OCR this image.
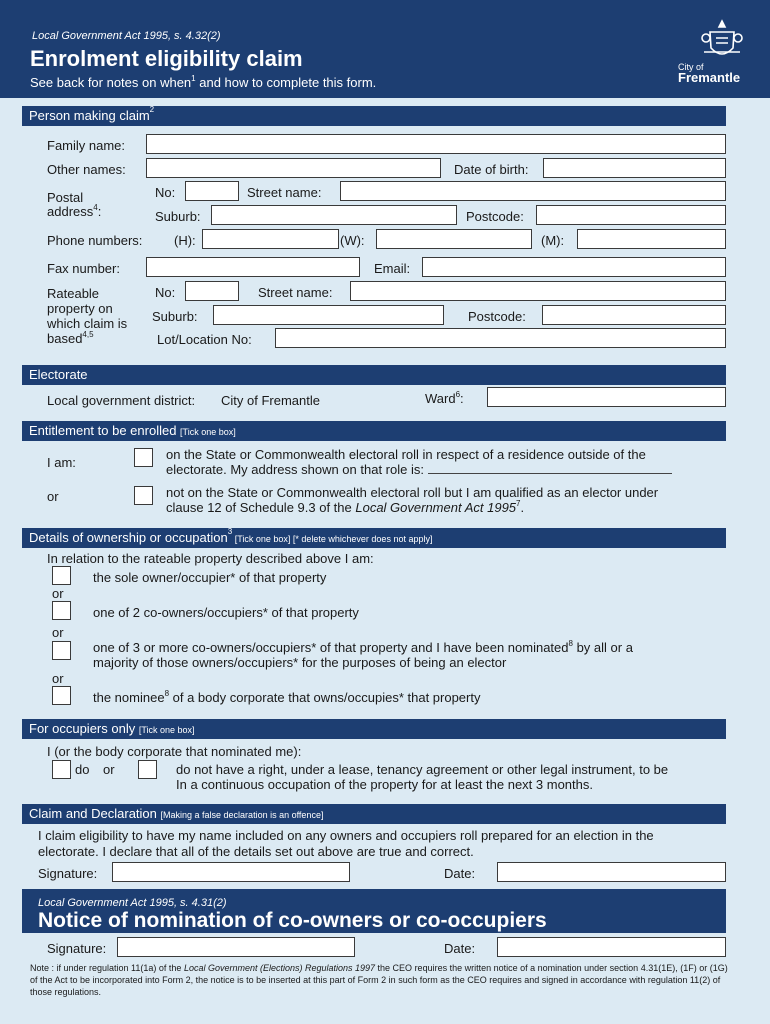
Local Government Act 1995, s. 4.32(2)
Enrolment eligibility claim
See back for notes on when$^1$ and how to complete this form.
City of
Fremantle
Person making claim$^2$
Family name:
Other names:	Date of birth:
Postal
address$^4$:
No:	Street name:
Suburb:	Postcode:
Phone numbers: (H):	(W):	(M):
Fax number:	Email:
Rateable
property on
which claim is
based$^{4,5}$
No:	Street name:
Suburb:	Postcode:
Lot/Location No:
Electorate
Local government district: City of Fremantle	Ward$^6$:
Entitlement to be enrolled [Tick one box]
I am:
on the State or Commonwealth electoral roll in respect of a residence outside of the
electorate. My address shown on that role is:
or	not on the State or Commonwealth electoral roll but I am qualified as an elector under
clause 12 of Schedule 9.3 of the Local Government Act 1995$^7$.
Details of ownership or occupation$^3$ [Tick one box] [* delete whichever does not apply]
In relation to the rateable property described above I am:
the sole owner/occupier* of that property
or
one of 2 co-owners/occupiers* of that property
or
one of 3 or more co-owners/occupiers* of that property and I have been nominated$^8$ by all or a
majority of those owners/occupiers* for the purposes of being an elector
or
the nominee$^8$ of a body corporate that owns/occupies* that property
For occupiers only [Tick one box]
I (or the body corporate that nominated me):
do or	do not have a right, under a lease, tenancy agreement or other legal instrument, to be
In a continuous occupation of the property for at least the next 3 months.
Claim and Declaration [Making a false declaration is an offence]
I claim eligibility to have my name included on any owners and occupiers roll prepared for an election in the
electorate. I declare that all of the details set out above are true and correct.
Signature:	Date:
Local Government Act 1995, s. 4.31(2)
Notice of nomination of co-owners or co-occupiers
Signature:	Date:
Note : if under regulation 11(1a) of the Local Government (Elections) Regulations 1997 the CEO requires the written notice of a nomination under section 4.31(1E), (1F) or (1G) of the Act to be incorporated into Form 2, the notice is to be inserted at this part of Form 2 in such form as the CEO requires and signed in accordance with regulation 11(2) of those regulations.
